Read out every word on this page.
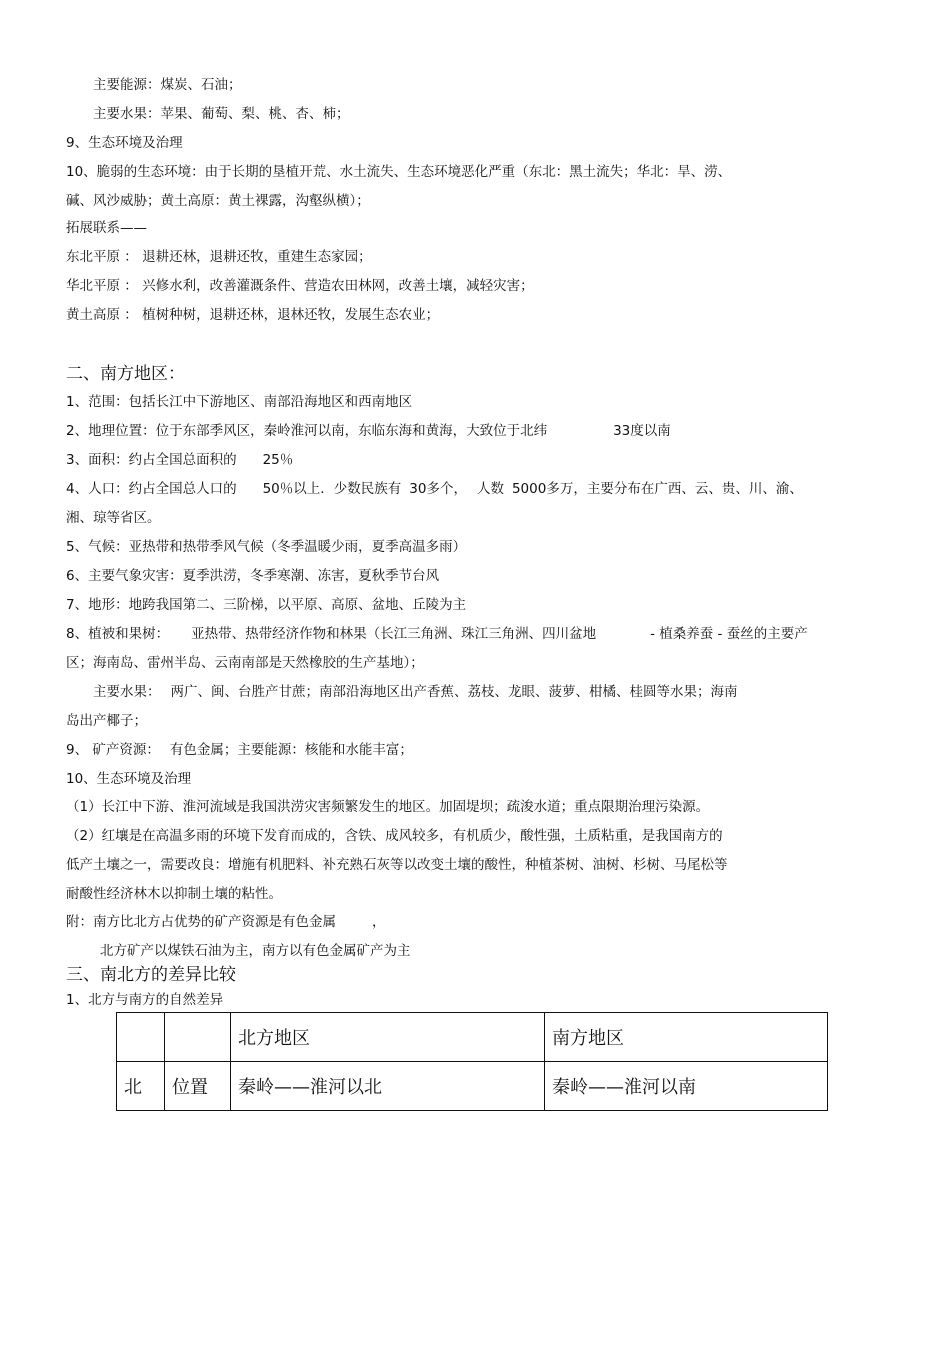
主要能源：煤炭、石油；
主要水果：苹果、葡萄、梨、桃、杏、柿；
9、生态环境及治理
10、脆弱的生态环境：由于长期的垦植开荒、水土流失、生态环境恶化严重（东北：黑土流失；华北：旱、涝、
碱、风沙威胁；黄土高原：黄土裸露，沟壑纵横）；
拓展联系——
东北平原 ： 退耕还林，退耕还牧，重建生态家园；
华北平原 ： 兴修水利，改善灌溉条件、营造农田林网，改善土壤，减轻灾害；
黄土高原 ： 植树种树，退耕还林，退林还牧，发展生态农业；
二、南方地区：
1、范围：包括长江中下游地区、南部沿海地区和西南地区
2、地理位置：位于东部季风区，秦岭淮河以南，东临东海和黄海，大致位于北纬	33度以南
3、面积：约占全国总面积的 25％
4、人口：约占全国总人口的 50％以上．少数民族有 30多个， 人数 5000多万，主要分布在广西、云、贵、川、渝、
湘、琼等省区。
5、气候：亚热带和热带季风气候（冬季温暖少雨，夏季高温多雨）
6、主要气象灾害：夏季洪涝，冬季寒潮、冻害，夏秋季节台风
7、地形：地跨我国第二、三阶梯，以平原、高原、盆地、丘陵为主
8、植被和果树： 亚热带、热带经济作物和林果（长江三角洲、珠江三角洲、四川盆地	- 植桑养蚕 - 蚕丝的主要产
区；海南岛、雷州半岛、云南南部是天然橡胶的生产基地）；
主要水果： 两广、闽、台胜产甘蔗；南部沿海地区出产香蕉、荔枝、龙眼、菠萝、柑橘、桂圆等水果；海南
岛出产椰子；
9、 矿产资源： 有色金属；主要能源：核能和水能丰富；
10、生态环境及治理
（1）长江中下游、淮河流域是我国洪涝灾害频繁发生的地区。加固堤坝；疏浚水道；重点限期治理污染源。
（2）红壤是在高温多雨的环境下发育而成的，含铁、成风较多，有机质少，酸性强，土质粘重，是我国南方的
低产土壤之一，需要改良：增施有机肥料、补充熟石灰等以改变土壤的酸性，种植茶树、油树、杉树、马尾松等
耐酸性经济林木以抑制土壤的粘性。
附：南方比北方占优势的矿产资源是有色金属	，
北方矿产以煤铁石油为主，南方以有色金属矿产为主
三、南北方的差异比较
1、北方与南方的自然差异
		北方地区	南方地区
北	位置	秦岭——淮河以北	秦岭——淮河以南
